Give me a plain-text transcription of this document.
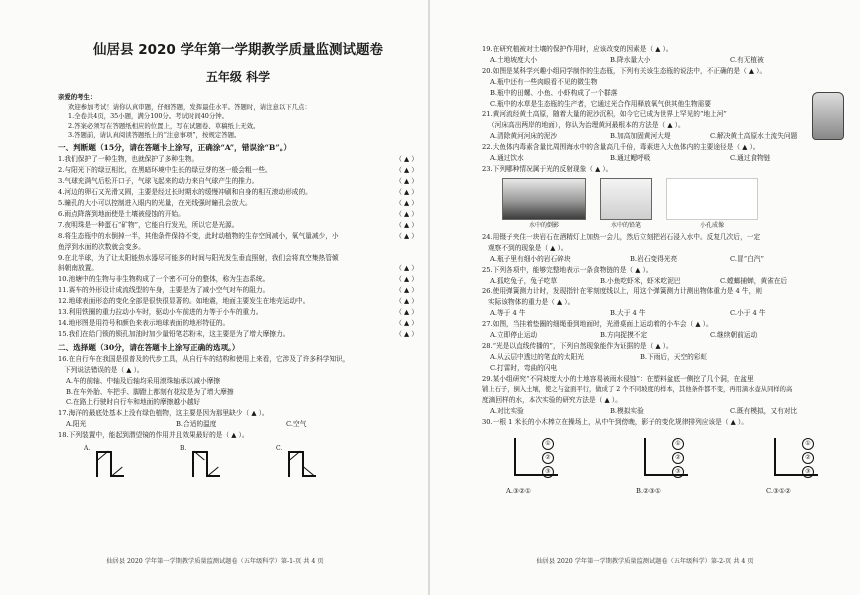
仙居县 2020 学年第一学期教学质量监测试题卷
五年级 科学
亲爱的考生：
欢迎参加考试！请你认真审题，仔细答题，发挥最佳水平。答题时，请注意以下几点：
1.全卷共4页，35小题，满分100分。考试时间40分钟。
2.答案必须写在答题纸相应的位置上，写在试题卷、草稿纸上无效。
3.答题前，请认真阅读答题纸上的“注意事项”，按规定答题。
一、判断题（15分，请在答题卡上涂写，正确涂“A”，错误涂“B”。）
1.我们保护了一种生物，也就保护了多种生物。	（ ▲ ）
2.与阳光下的绿豆相比，在黑暗环境中生长的绿豆芽的茎一般会粗一些。	（ ▲ ）
3.气球充满气后松开口子，气球飞起来的动力来自气球产生的推力。	（ ▲ ）
4.河边的卵石又光滑又圆，主要是经过长时期水的缓慢冲刷和自身的相互滚动形成的。	（ ▲ ）
5.瞳孔的大小可以控制进入眼内的光量，在光线强时瞳孔会放大。	（ ▲ ）
6.雨点降落到地面使是土壤被侵蚀的开始。	（ ▲ ）
7.夜明珠是一种蛋石“矿物”，它能自行发光，所以它是光源。	（ ▲ ）
8.将生态瓶中的水倒掉一半，其他条件保持不变，此时动植物的生存空间减小，氧气量减少，小	（ ▲ ）
鱼浮到水面的次数就会变多。
9.在北半球，为了让太阳能热水器尽可能多的时间与阳光发生垂直照射，我们会将真空集热管倾
斜朝南放置。	（ ▲ ）
10.池塘中的生物与非生物构成了一个密不可分的整体，称为生态系统。	（ ▲ ）
11.赛车的外形设计成流线型的车身，主要是为了减小空气对车的阻力。	（ ▲ ）
12.地球表面形态的变化全部是很快很显著的。如地震，地面主要发生在地壳运动中。	（ ▲ ）
13.利用铁圈的重力拉动小车时，驱动小车前进的力等于小车的重力。	（ ▲ ）
14.地形图是用符号和颜色来表示地球表面的地形特征的。	（ ▲ ）
15.我们在给门锁的锁孔加油时加少量铅笔芯粉末，这主要是为了增大摩擦力。	（ ▲ ）
二、选择题（30分，请在答题卡上涂写正确的选项。）
16.在自行车在我国是很普及的代步工具，从自行车的结构和使用上来看，它涉及了许多科学知识，
下列说法错误的是（ ▲ ）。
A.车的前轴、中轴及后轴均采用滚珠轴承以减小摩擦
B.在车外胎、车把手、脚蹬上都刻有花纹是为了增大摩擦
C.在路上行驶时自行车和地面的摩擦越小越好
17.海洋的最底处基本上没有绿色植物，这主要是因为那里缺少（ ▲ ）。
A.阳光	B.合适的温度	C.空气
18.下列装置中，能起到潜望镜的作用并且效果最好的是（ ▲ ）。
A.	B.	C.
仙居县 2020 学年第一学期教学质量监测试题卷（五年级科学）第-1-页 共 4 页
19.在研究植被对土壤的保护作用时，应该改变的因素是（ ▲ ）。
A.土地坡度大小	B.降水量大小	C.有无植被
20.如图是某科学兴趣小组同学制作的生态瓶，下列有关该生态瓶的说法中，不正确的是（ ▲ ）。
A.瓶中还有一些肉眼看不见的微生物
B.瓶中的田螺、小鱼、小虾构成了一个群落
C.瓶中的水草是生态瓶的生产者，它通过光合作用释放氧气供其他生物需要
21.黄河流经黄土高原，随着大量的泥沙沉积，如今它已成为世界上罕见的“地上河”
（河床高出两岸的地面），你认为治理黄河最根本的方法是（ ▲ ）。
A.清除黄河河床的泥沙	B.加高加固黄河大堤	C.解决黄土高原水土流失问题
22.大鱼体内毒素含量比周围海水中的含量高几千倍，毒素进入大鱼体内的主要途径是（ ▲ ）。
A.通过饮水	B.通过鳃呼吸	C.通过食物链
23.下列哪种情况属于光的反射现象（ ▲ ）。
水中的倒影	水中的铅笔	小孔成像
24.用镊子夹住一块岩石在酒精灯上加热一会儿，然后立刻把岩石浸入水中。反复几次后，一定
观察不到的现象是（ ▲ ）。
A.瓶子里有细小的岩石碎块	B.岩石变得光亮	C.冒“白汽”
25.下列各项中，能够完整地表示一条食物链的是（ ▲ ）。
A.狐吃兔子，兔子吃草	B.小鱼吃虾米，虾米吃泥巴	C.螳螂捕蝉，黄雀在后
26.使用弹簧测力计时，发现指针在零刻度线以上，用这个弹簧测力计测出物体重力是 4 牛，则
实际该物体的重力是（ ▲ ）。
A.等于 4 牛	B.大于 4 牛	C.小于 4 牛
27.如图，当挂着垫圈的细绳垂到地面时，光滑桌面上运动着的小车会（ ▲ ）。
A.立即停止运动	B.方向捉摸不定	C.继续朝前运动
28.“光是以直线传播的”，下列自然现象能作为证据的是（ ▲ ）。
A.从云层中透过的笔直的太阳光	B.下雨后，天空的彩虹
C.打雷时，弯曲的闪电
29.某小组研究“不同坡度大小的土地容易被雨水侵蚀”：在塑料盆底一侧挖了几个洞，在盆里
铺上石子，倒入土壤，使之与盆面平行，做成了 2 个不同坡度的样本，其他条件都不变，再用滴水壶从同样的高
度滴回样的水，本次实验的研究方法是（ ▲ ）。
A.对比实验	B.模拟实验	C.既有模拟，又有对比
30.一根 1 米长的小木棒立在操场上，从中午到傍晚，影子的变化规律排列应该是（ ▲ ）。
①
②
③
①
②
③
①
②
③
A.③②①	B.②③①	C.③①②
仙居县 2020 学年第一学期教学质量监测试题卷（五年级科学）第-2-页 共 4 页
